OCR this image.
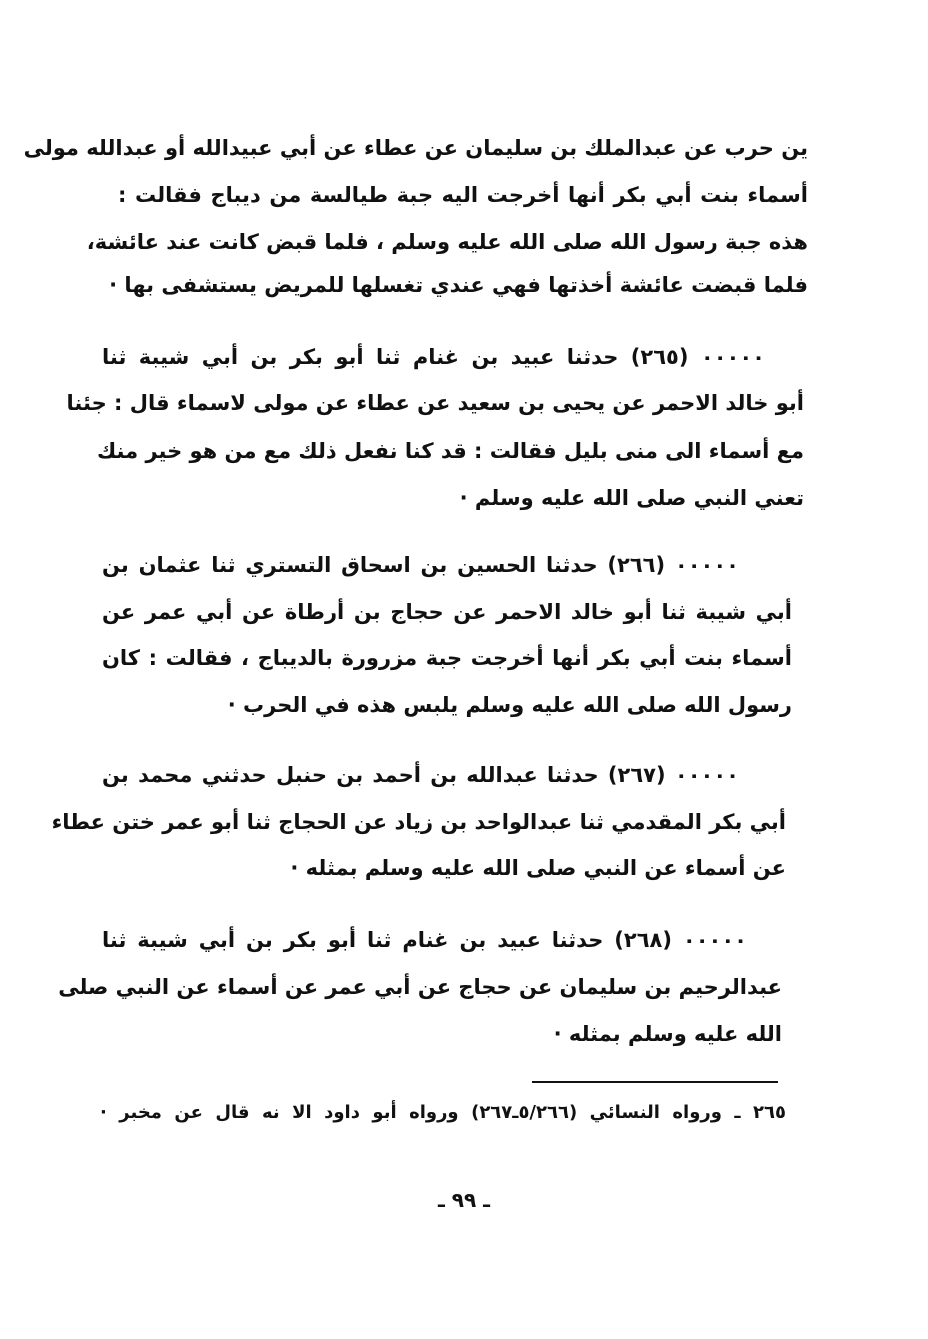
ين حرب عن عبدالملك بن سليمان عن عطاء عن أبي عبيدالله أو عبدالله مولى
أسماء بنت أبي بكر أنها أخرجت اليه جبة طيالسة من ديباج فقالت :
هذه جبة رسول الله صلى الله عليه وسلم ، فلما قبض كانت عند عائشة،
فلما قبضت عائشة أخذتها فهي عندي تغسلها للمريض يستشفى بها ·
٠٠٠٠٠ (٢٦٥) حدثنا عبيد بن غنام ثنا أبو بكر بن أبي شيبة ثنا
أبو خالد الاحمر عن يحيى بن سعيد عن عطاء عن مولى لاسماء قال : جئنا
مع أسماء الى منى بليل فقالت : قد كنا نفعل ذلك مع من هو خير منك
تعني النبي صلى الله عليه وسلم ·
٠٠٠٠٠ (٢٦٦) حدثنا الحسين بن اسحاق التستري ثنا عثمان بن
أبي شيبة ثنا أبو خالد الاحمر عن حجاج بن أرطاة عن أبي عمر عن
أسماء بنت أبي بكر أنها أخرجت جبة مزرورة بالديباج ، فقالت : كان
رسول الله صلى الله عليه وسلم يلبس هذه في الحرب ·
٠٠٠٠٠ (٢٦٧) حدثنا عبدالله بن أحمد بن حنبل حدثني محمد بن
أبي بكر المقدمي ثنا عبدالواحد بن زياد عن الحجاج ثنا أبو عمر ختن عطاء
عن أسماء عن النبي صلى الله عليه وسلم بمثله ·
٠٠٠٠٠ (٢٦٨) حدثنا عبيد بن غنام ثنا أبو بكر بن أبي شيبة ثنا
عبدالرحيم بن سليمان عن حجاج عن أبي عمر عن أسماء عن النبي صلى
الله عليه وسلم بمثله ·
٢٦٥ ـ ورواه النسائي (٥/٢٦٦ـ٢٦٧) ورواه أبو داود الا نه قال عن مخبر ·
ـ ٩٩ ـ
